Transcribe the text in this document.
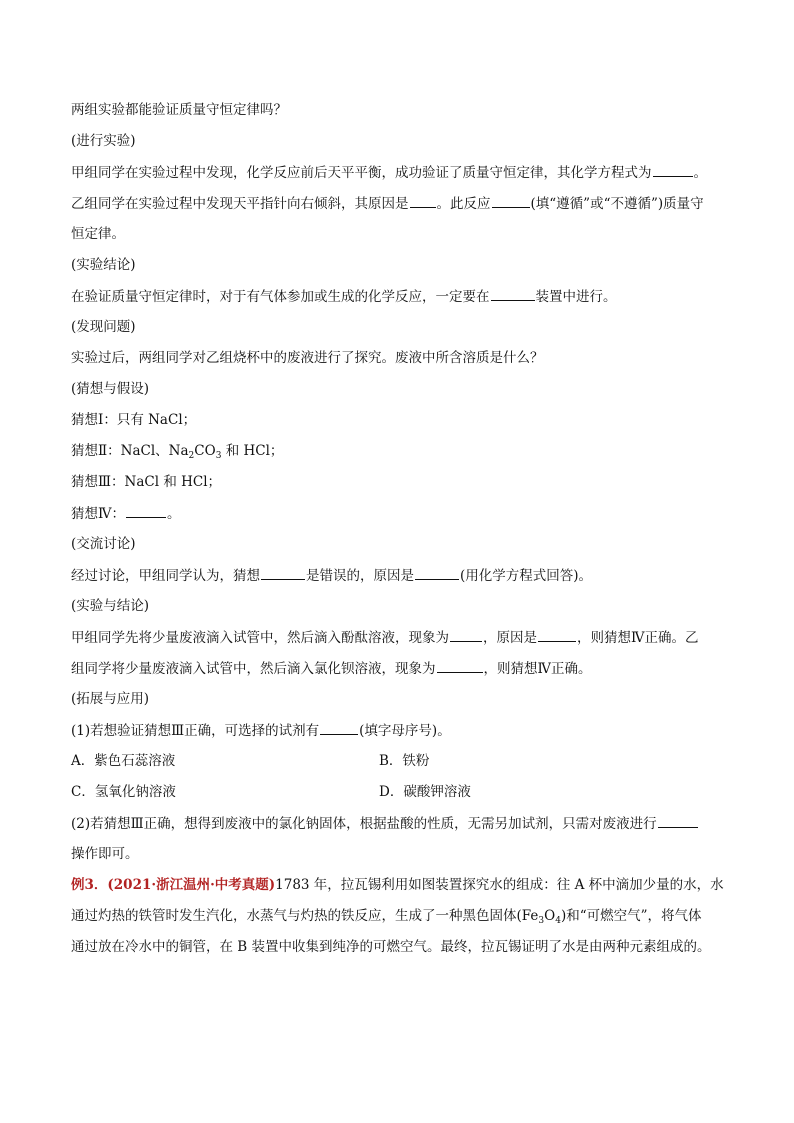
两组实验都能验证质量守恒定律吗？
(进行实验)
甲组同学在实验过程中发现，化学反应前后天平平衡，成功验证了质量守恒定律，其化学方程式为	。
乙组同学在实验过程中发现天平指针向右倾斜，其原因是 。此反应	(填“遵循”或“不遵循”)质量守
恒定律。
(实验结论)
在验证质量守恒定律时，对于有气体参加或生成的化学反应，一定要在	装置中进行。
(发现问题)
实验过后，两组同学对乙组烧杯中的废液进行了探究。废液中所含溶质是什么？
(猜想与假设)
猜想Ⅰ：只有 NaCl；
猜想Ⅱ：NaCl、$Na_2CO_3$ 和 HCl；
猜想Ⅲ：NaCl 和 HCl；
猜想Ⅳ：	。
(交流讨论)
经过讨论，甲组同学认为，猜想	是错误的，原因是	(用化学方程式回答)。
(实验与结论)
甲组同学先将少量废液滴入试管中，然后滴入酚酞溶液，现象为	，原因是	，则猜想Ⅳ正确。乙
组同学将少量废液滴入试管中，然后滴入氯化钡溶液，现象为	，则猜想Ⅳ正确。
(拓展与应用)
(1)若想验证猜想Ⅲ正确，可选择的试剂有	(填字母序号)。
A．紫色石蕊溶液	B．铁粉
C．氢氧化钠溶液	D．碳酸钾溶液
(2)若猜想Ⅲ正确，想得到废液中的氯化钠固体，根据盐酸的性质，无需另加试剂，只需对废液进行
操作即可。
例3．(2021·浙江温州·中考真题)1783 年，拉瓦锡利用如图装置探究水的组成：往 A 杯中滴加少量的水，水
通过灼热的铁管时发生汽化，水蒸气与灼热的铁反应，生成了一种黑色固体$(Fe_3O_4)$和“可燃空气”，将气体
通过放在冷水中的铜管，在 B 装置中收集到纯净的可燃空气。最终，拉瓦锡证明了水是由两种元素组成的。
